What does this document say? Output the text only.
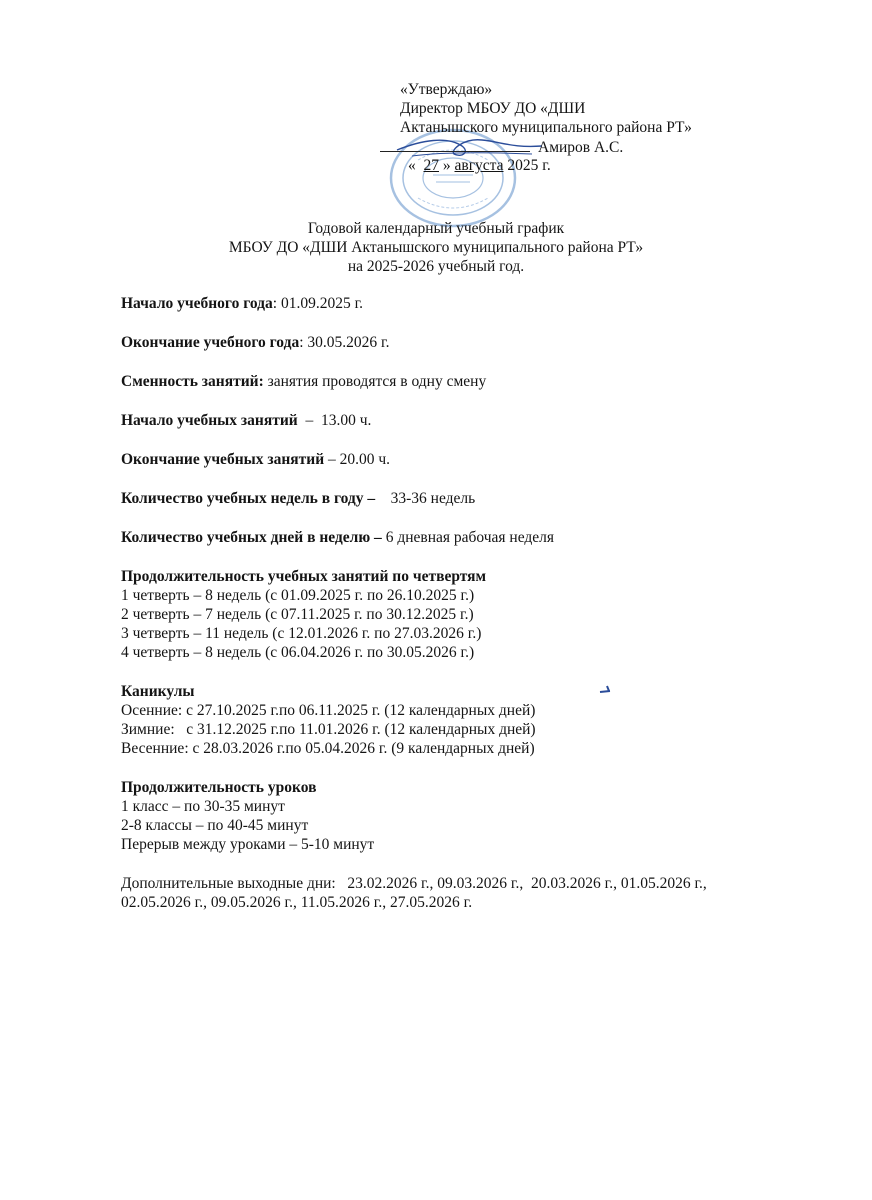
«Утверждаю»
Директор МБОУ ДО «ДШИ
Актанышского муниципального района РТ»
Амиров А.С.
« 27 » августа 2025 г.
Годовой календарный учебный график
МБОУ ДО «ДШИ Актанышского муниципального района РТ»
на 2025-2026 учебный год.
Начало учебного года: 01.09.2025 г.
Окончание учебного года: 30.05.2026 г.
Сменность занятий: занятия проводятся в одну смену
Начало учебных занятий  –  13.00 ч.
Окончание учебных занятий – 20.00 ч.
Количество учебных недель в году –    33-36 недель
Количество учебных дней в неделю – 6 дневная рабочая неделя
Продолжительность учебных занятий по четвертям
1 четверть – 8 недель (с 01.09.2025 г. по 26.10.2025 г.)
2 четверть – 7 недель (с 07.11.2025 г. по 30.12.2025 г.)
3 четверть – 11 недель (с 12.01.2026 г. по 27.03.2026 г.)
4 четверть – 8 недель (с 06.04.2026 г. по 30.05.2026 г.)
Каникулы
Осенние: с 27.10.2025 г.по 06.11.2025 г. (12 календарных дней)
Зимние:   с 31.12.2025 г.по 11.01.2026 г. (12 календарных дней)
Весенние: с 28.03.2026 г.по 05.04.2026 г. (9 календарных дней)
Продолжительность уроков
1 класс – по 30-35 минут
2-8 классы – по 40-45 минут
Перерыв между уроками – 5-10 минут
Дополнительные выходные дни:   23.02.2026 г., 09.03.2026 г.,  20.03.2026 г., 01.05.2026 г.,
02.05.2026 г., 09.05.2026 г., 11.05.2026 г., 27.05.2026 г.
